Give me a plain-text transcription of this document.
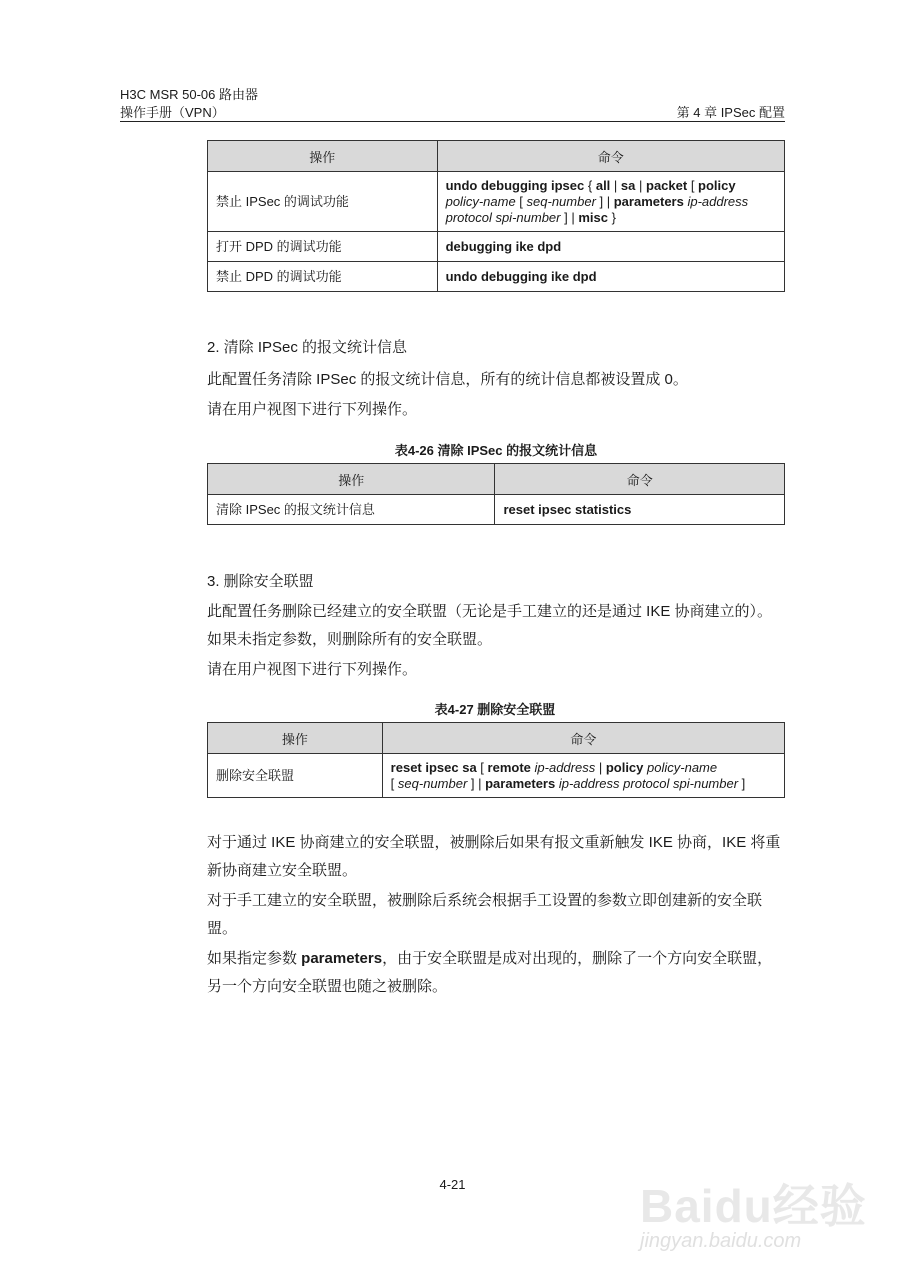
H3C MSR 50-06 路由器
操作手册（VPN）	第 4 章 IPSec 配置
操作	命令
禁止 IPSec 的调试功能	undo debugging ipsec { all | sa | packet [ policy
policy-name [ seq-number ] | parameters ip-address
protocol spi-number ] | misc }
打开 DPD 的调试功能	debugging ike dpd
禁止 DPD 的调试功能	undo debugging ike dpd
2. 清除 IPSec 的报文统计信息
此配置任务清除 IPSec 的报文统计信息，所有的统计信息都被设置成 0。
请在用户视图下进行下列操作。
表4-26 清除 IPSec 的报文统计信息
操作	命令
清除 IPSec 的报文统计信息	reset ipsec statistics
3. 删除安全联盟
此配置任务删除已经建立的安全联盟（无论是手工建立的还是通过 IKE 协商建立的）。如果未指定参数，则删除所有的安全联盟。
请在用户视图下进行下列操作。
表4-27 删除安全联盟
操作	命令
删除安全联盟	reset ipsec sa [ remote ip-address | policy policy-name
[ seq-number ] | parameters ip-address protocol spi-number ]
对于通过 IKE 协商建立的安全联盟，被删除后如果有报文重新触发 IKE 协商，IKE 将重新协商建立安全联盟。
对于手工建立的安全联盟，被删除后系统会根据手工设置的参数立即创建新的安全联盟。
如果指定参数 parameters，由于安全联盟是成对出现的，删除了一个方向安全联盟，另一个方向安全联盟也随之被删除。
4-21	Baidu经验
jingyan.baidu.com
